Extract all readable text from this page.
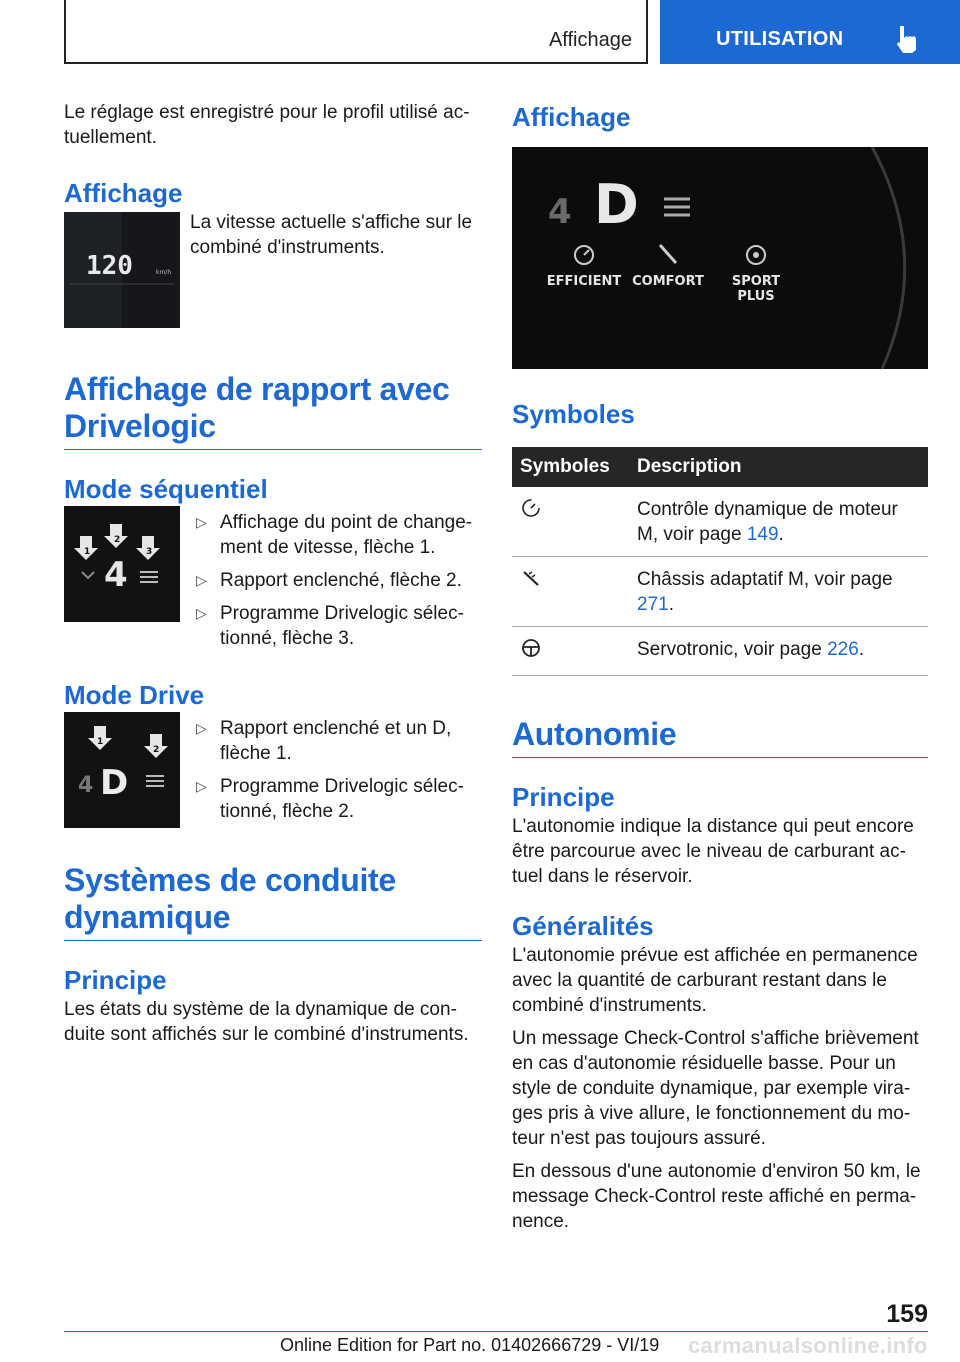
Affichage	UTILISATION

Le réglage est enregistré pour le profil utilisé ac-tuellement.

Affichage
120	km/h

La vitesse actuelle s'affiche sur le combiné d'instruments.

Affichage de rapport avec Drivelogic
Mode séquentiel
1
2
3
4
▷ Affichage du point de change-ment de vitesse, flèche 1.
▷ Rapport enclenché, flèche 2.
▷ Programme Drivelogic sélec-tionné, flèche 3.
Mode Drive
1
2
4 D
▷ Rapport enclenché et un D, flèche 1.
▷ Programme Drivelogic sélec-tionné, flèche 2.
Systèmes de conduite dynamique
Principe

Les états du système de la dynamique de con-duite sont affichés sur le combiné d'instruments.

Affichage
4 D
EFFICIENT COMFORT SPORT
PLUS
Symboles
Symboles	Description
	Contrôle dynamique de moteur M, voir page 149.
	Châssis adaptatif M, voir page 271.
	Servotronic, voir page 226.
Autonomie
Principe

L'autonomie indique la distance qui peut encore être parcourue avec le niveau de carburant ac-tuel dans le réservoir.

Généralités

L'autonomie prévue est affichée en permanence avec la quantité de carburant restant dans le combiné d'instruments.

Un message Check-Control s'affiche brièvement en cas d'autonomie résiduelle basse. Pour un style de conduite dynamique, par exemple vira-ges pris à vive allure, le fonctionnement du mo-teur n'est pas toujours assuré.

En dessous d'une autonomie d'environ 50 km, le message Check-Control reste affiché en perma-nence.

159
Online Edition for Part no. 01402666729 - VI/19 carmanualsonline.info
